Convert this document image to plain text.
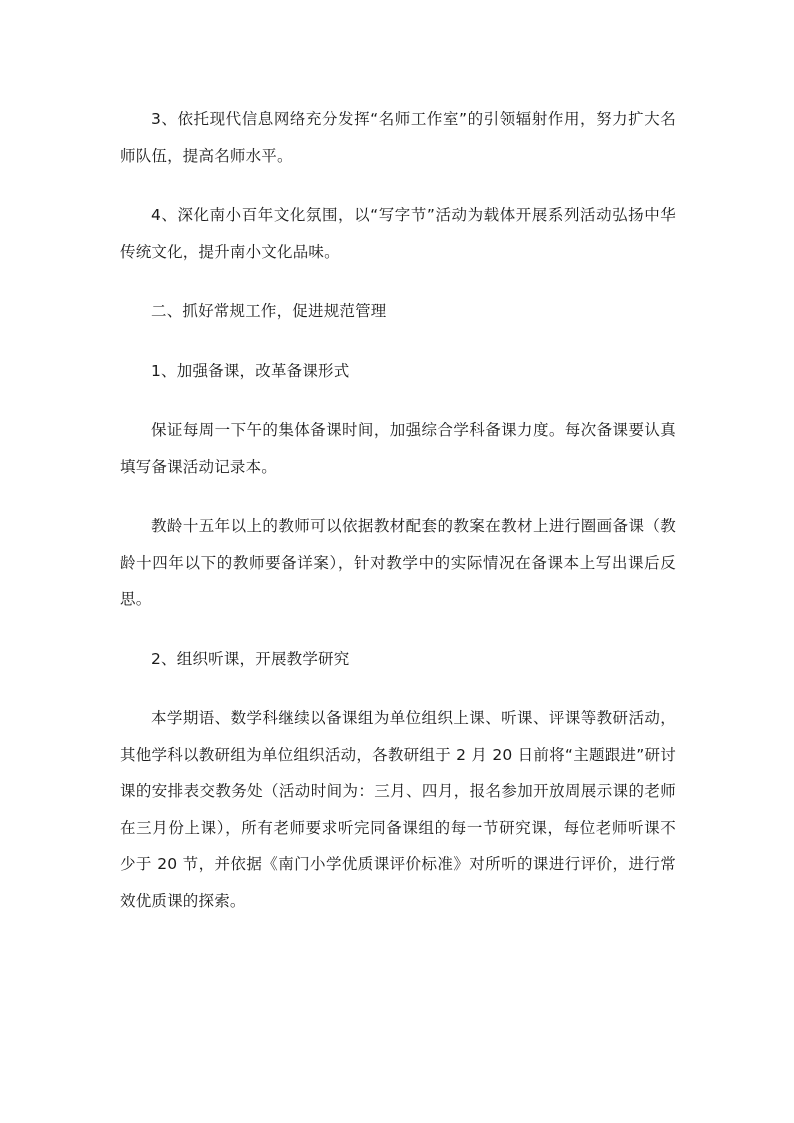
3、依托现代信息网络充分发挥“名师工作室”的引领辐射作用，努力扩大名师队伍，提高名师水平。

4、深化南小百年文化氛围，以“写字节”活动为载体开展系列活动弘扬中华传统文化，提升南小文化品味。

二、抓好常规工作，促进规范管理

1、加强备课，改革备课形式

保证每周一下午的集体备课时间，加强综合学科备课力度。每次备课要认真填写备课活动记录本。

教龄十五年以上的教师可以依据教材配套的教案在教材上进行圈画备课（教龄十四年以下的教师要备详案），针对教学中的实际情况在备课本上写出课后反思。

2、组织听课，开展教学研究

本学期语、数学科继续以备课组为单位组织上课、听课、评课等教研活动，其他学科以教研组为单位组织活动，各教研组于 2 月 20 日前将“主题跟进”研讨课的安排表交教务处（活动时间为：三月、四月，报名参加开放周展示课的老师在三月份上课），所有老师要求听完同备课组的每一节研究课，每位老师听课不少于 20 节，并依据《南门小学优质课评价标准》对所听的课进行评价，进行常效优质课的探索。
